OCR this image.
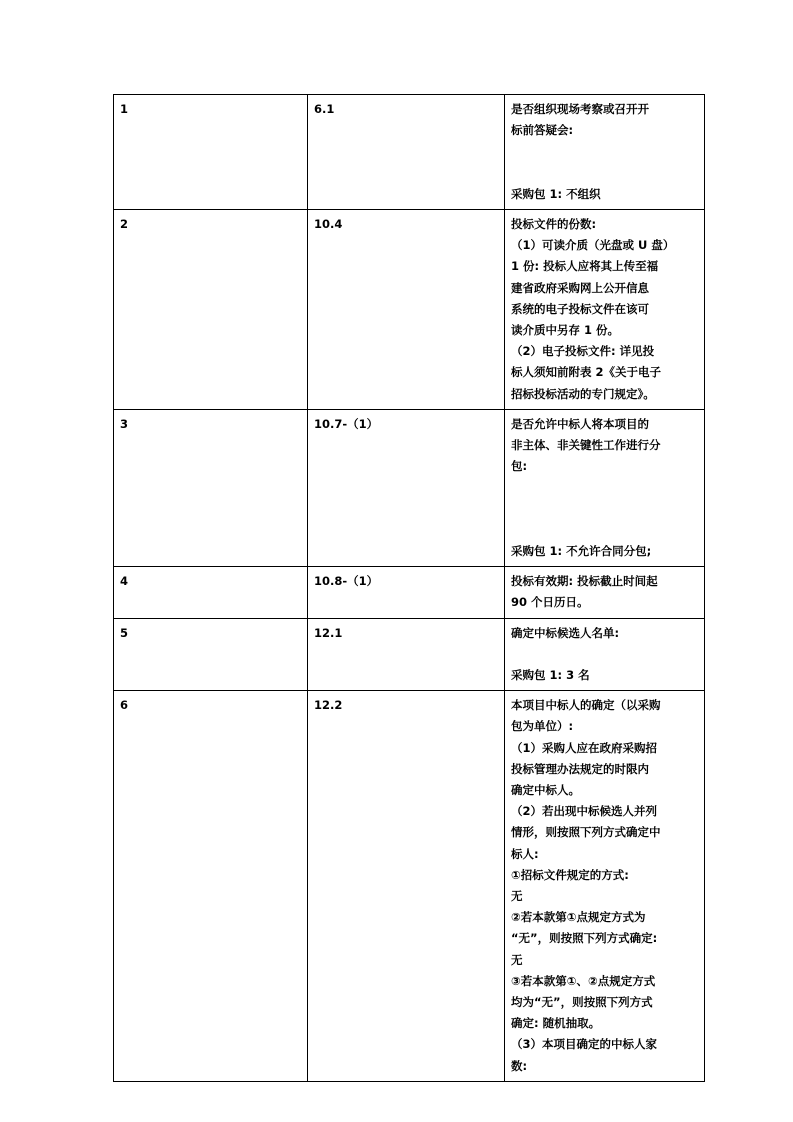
1	6.1	是否组织现场考察或召开开
标前答疑会:

采购包 1: 不组织

2	10.4	投标文件的份数:
（1）可读介质（光盘或 U 盘）
1 份: 投标人应将其上传至福
建省政府采购网上公开信息
系统的电子投标文件在该可
读介质中另存 1 份。
（2）电子投标文件: 详见投
标人须知前附表 2《关于电子
招标投标活动的专门规定》。

3	10.7-（1）	是否允许中标人将本项目的
非主体、非关键性工作进行分
包:

采购包 1: 不允许合同分包;

4	10.8-（1）	投标有效期: 投标截止时间起
90 个日历日。

5	12.1	确定中标候选人名单:

采购包 1: 3 名

6	12.2	本项目中标人的确定（以采购
包为单位）:
（1）采购人应在政府采购招
投标管理办法规定的时限内
确定中标人。
（2）若出现中标候选人并列
情形，则按照下列方式确定中
标人:
①招标文件规定的方式:
无
②若本款第①点规定方式为
“无”，则按照下列方式确定:
无
③若本款第①、②点规定方式
均为“无”，则按照下列方式
确定: 随机抽取。
（3）本项目确定的中标人家
数:
